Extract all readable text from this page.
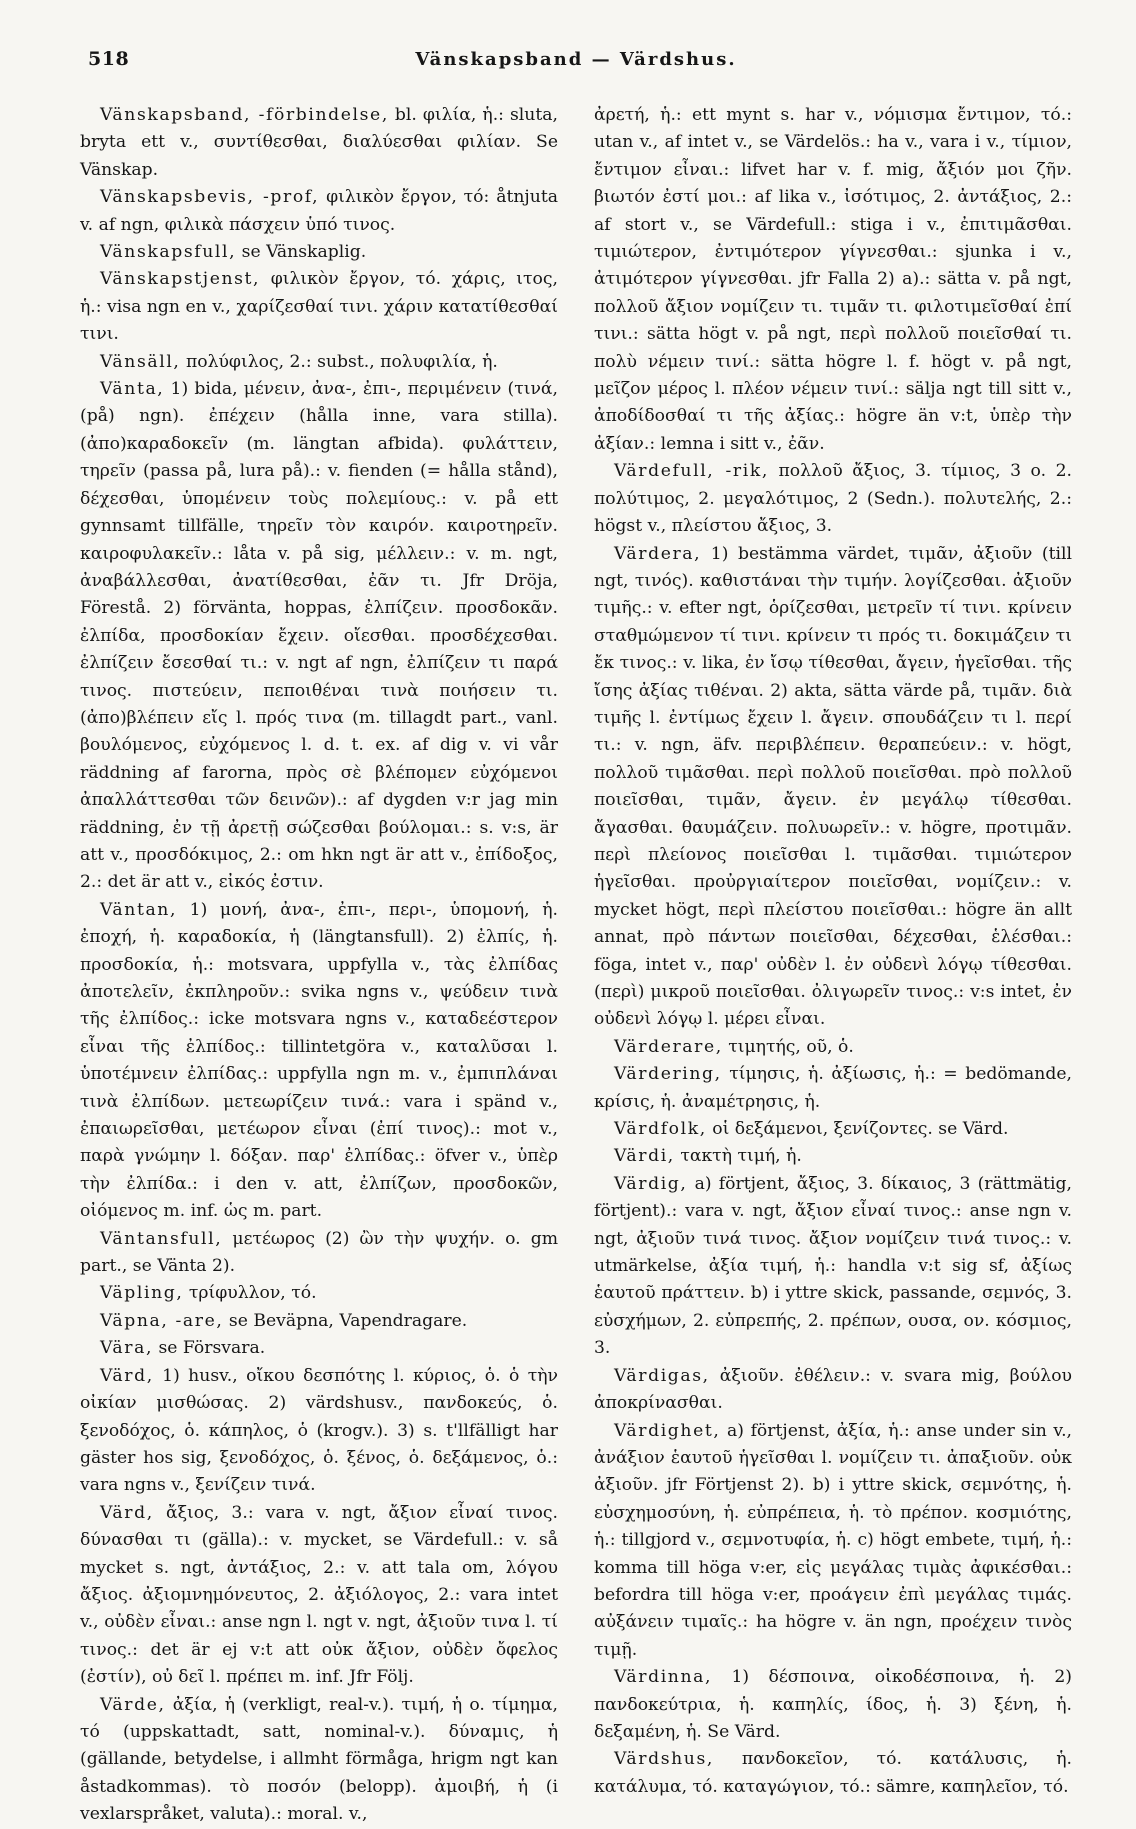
518	Vänskapsband — Värdshus.

Vänskapsband, -förbindelse, bl. φιλία, ἡ.: sluta, bryta ett v., συντίθεσθαι, διαλύεσθαι φιλίαν. Se Vänskap.

Vänskapsbevis, -prof, φιλικὸν ἔργον, τό: åtnjuta v. af ngn, φιλικὰ πάσχειν ὑπό τινος.

Vänskapsfull, se Vänskaplig.

Vänskapstjenst, φιλικὸν ἔργον, τό. χάρις, ιτος, ἡ.: visa ngn en v., χαρίζεσθαί τινι. χάριν κατατίθεσθαί τινι.

Vänsäll, πολύφιλος, 2.: subst., πολυφιλία, ἡ.

Vänta, 1) bida, μένειν, ἀνα-, ἐπι-, περιμένειν (τινά, (på) ngn). ἐπέχειν (hålla inne, vara stilla). (ἀπο)καραδοκεῖν (m. längtan afbida). φυλάττειν, τηρεῖν (passa på, lura på).: v. fienden (= hålla stånd), δέχεσθαι, ὑπομένειν τοὺς πολεμίους.: v. på ett gynnsamt tillfälle, τηρεῖν τὸν καιρόν. καιροτηρεῖν. καιροφυλακεῖν.: låta v. på sig, μέλλειν.: v. m. ngt, ἀναβάλλεσθαι, ἀνατίθεσθαι, ἐᾶν τι. Jfr Dröja, Förestå. 2) förvänta, hoppas, ἐλπίζειν. προσδοκᾶν. ἐλπίδα, προσδοκίαν ἔχειν. οἴεσθαι. προσδέχεσθαι. ἐλπίζειν ἔσεσθαί τι.: v. ngt af ngn, ἐλπίζειν τι παρά τινος. πιστεύειν, πεποιθέναι τινὰ ποιήσειν τι. (ἀπο)βλέπειν εἴς l. πρός τινα (m. tillagdt part., vanl. βουλόμενος, εὐχόμενος l. d. t. ex. af dig v. vi vår räddning af farorna, πρὸς σὲ βλέπομεν εὐχόμενοι ἀπαλλάττεσθαι τῶν δεινῶν).: af dygden v:r jag min räddning, ἐν τῇ ἀρετῇ σώζεσθαι βούλομαι.: s. v:s, är att v., προσδόκιμος, 2.: om hkn ngt är att v., ἐπίδοξος, 2.: det är att v., εἰκός ἐστιν.

Väntan, 1) μονή, ἀνα-, ἐπι-, περι-, ὑπομονή, ἡ. ἐποχή, ἡ. καραδοκία, ἡ (längtansfull). 2) ἐλπίς, ἡ. προσδοκία, ἡ.: motsvara, uppfylla v., τὰς ἐλπίδας ἀποτελεῖν, ἐκπληροῦν.: svika ngns v., ψεύδειν τινὰ τῆς ἐλπίδος.: icke motsvara ngns v., καταδεέστερον εἶναι τῆς ἐλπίδος.: tillintetgöra v., καταλῦσαι l. ὑποτέμνειν ἐλπίδας.: uppfylla ngn m. v., ἐμπιπλάναι τινὰ ἐλπίδων. μετεωρίζειν τινά.: vara i spänd v., ἐπαιωρεῖσθαι, μετέωρον εἶναι (ἐπί τινος).: mot v., παρὰ γνώμην l. δόξαν. παρ' ἐλπίδας.: öfver v., ὑπὲρ τὴν ἐλπίδα.: i den v. att, ἐλπίζων, προσδοκῶν, οἰόμενος m. inf. ὡς m. part.

Väntansfull, μετέωρος (2) ὢν τὴν ψυχήν. o. gm part., se Vänta 2).

Väpling, τρίφυλλον, τό.

Väpna, -are, se Beväpna, Vapendragare.

Vära, se Försvara.

Värd, 1) husv., οἴκου δεσπότης l. κύριος, ὁ. ὁ τὴν οἰκίαν μισθώσας. 2) värdshusv., πανδοκεύς, ὁ. ξενοδόχος, ὁ. κάπηλος, ὁ (krogv.). 3) s. t'llfälligt har gäster hos sig, ξενοδόχος, ὁ. ξένος, ὁ. δεξάμενος, ὁ.: vara ngns v., ξενίζειν τινά.

Värd, ἄξιος, 3.: vara v. ngt, ἄξιον εἶναί τινος. δύνασθαι τι (gälla).: v. mycket, se Värdefull.: v. så mycket s. ngt, ἀντάξιος, 2.: v. att tala om, λόγου ἄξιος. ἀξιομνημόνευτος, 2. ἀξιόλογος, 2.: vara intet v., οὐδὲν εἶναι.: anse ngn l. ngt v. ngt, ἀξιοῦν τινα l. τί τινος.: det är ej v:t att οὐκ ἄξιον, οὐδὲν ὄφελος (ἐστίν), οὐ δεῖ l. πρέπει m. inf. Jfr Följ.

Värde, ἀξία, ἡ (verkligt, real-v.). τιμή, ἡ o. τίμημα, τό (uppskattadt, satt, nominal-v.). δύναμις, ἡ (gällande, betydelse, i allmht förmåga, hrigm ngt kan åstadkommas). τὸ ποσόν (belopp). ἀμοιβή, ἡ (i vexlarspråket, valuta).: moral. v.,

ἀρετή, ἡ.: ett mynt s. har v., νόμισμα ἔντιμον, τό.: utan v., af intet v., se Värdelös.: ha v., vara i v., τίμιον, ἔντιμον εἶναι.: lifvet har v. f. mig, ἄξιόν μοι ζῆν. βιωτόν ἐστί μοι.: af lika v., ἰσότιμος, 2. ἀντάξιος, 2.: af stort v., se Värdefull.: stiga i v., ἐπιτιμᾶσθαι. τιμιώτερον, ἐντιμότερον γίγνεσθαι.: sjunka i v., ἀτιμότερον γίγνεσθαι. jfr Falla 2) a).: sätta v. på ngt, πολλοῦ ἄξιον νομίζειν τι. τιμᾶν τι. φιλοτιμεῖσθαί ἐπί τινι.: sätta högt v. på ngt, περὶ πολλοῦ ποιεῖσθαί τι. πολὺ νέμειν τινί.: sätta högre l. f. högt v. på ngt, μεῖζον μέρος l. πλέον νέμειν τινί.: sälja ngt till sitt v., ἀποδίδοσθαί τι τῆς ἀξίας.: högre än v:t, ὑπὲρ τὴν ἀξίαν.: lemna i sitt v., ἐᾶν.

Värdefull, -rik, πολλοῦ ἄξιος, 3. τίμιος, 3 o. 2. πολύτιμος, 2. μεγαλότιμος, 2 (Sedn.). πολυτελής, 2.: högst v., πλείστου ἄξιος, 3.

Värdera, 1) bestämma värdet, τιμᾶν, ἀξιοῦν (till ngt, τινός). καθιστάναι τὴν τιμήν. λογίζεσθαι. ἀξιοῦν τιμῆς.: v. efter ngt, ὁρίζεσθαι, μετρεῖν τί τινι. κρίνειν σταθμώμενον τί τινι. κρίνειν τι πρός τι. δοκιμάζειν τι ἔκ τινος.: v. lika, ἐν ἴσῳ τίθεσθαι, ἄγειν, ἡγεῖσθαι. τῆς ἴσης ἀξίας τιθέναι. 2) akta, sätta värde på, τιμᾶν. διὰ τιμῆς l. ἐντίμως ἔχειν l. ἄγειν. σπουδάζειν τι l. περί τι.: v. ngn, äfv. περιβλέπειν. θεραπεύειν.: v. högt, πολλοῦ τιμᾶσθαι. περὶ πολλοῦ ποιεῖσθαι. πρὸ πολλοῦ ποιεῖσθαι, τιμᾶν, ἄγειν. ἐν μεγάλῳ τίθεσθαι. ἄγασθαι. θαυμάζειν. πολυωρεῖν.: v. högre, προτιμᾶν. περὶ πλείονος ποιεῖσθαι l. τιμᾶσθαι. τιμιώτερον ἡγεῖσθαι. προὐργιαίτερον ποιεῖσθαι, νομίζειν.: v. mycket högt, περὶ πλείστου ποιεῖσθαι.: högre än allt annat, πρὸ πάντων ποιεῖσθαι, δέχεσθαι, ἑλέσθαι.: föga, intet v., παρ' οὐδὲν l. ἐν οὐδενὶ λόγῳ τίθεσθαι. (περὶ) μικροῦ ποιεῖσθαι. ὀλιγωρεῖν τινος.: v:s intet, ἐν οὐδενὶ λόγῳ l. μέρει εἶναι.

Värderare, τιμητής, οῦ, ὁ.

Värdering, τίμησις, ἡ. ἀξίωσις, ἡ.: = bedömande, κρίσις, ἡ. ἀναμέτρησις, ἡ.

Värdfolk, οἱ δεξάμενοι, ξενίζοντες. se Värd.

Värdi, τακτὴ τιμή, ἡ.

Värdig, a) förtjent, ἄξιος, 3. δίκαιος, 3 (rättmätig, förtjent).: vara v. ngt, ἄξιον εἶναί τινος.: anse ngn v. ngt, ἀξιοῦν τινά τινος. ἄξιον νομίζειν τινά τινος.: v. utmärkelse, ἀξία τιμή, ἡ.: handla v:t sig sf, ἀξίως ἑαυτοῦ πράττειν. b) i yttre skick, passande, σεμνός, 3. εὐσχήμων, 2. εὐπρεπής, 2. πρέπων, ουσα, ον. κόσμιος, 3.

Värdigas, ἀξιοῦν. ἐθέλειν.: v. svara mig, βούλου ἀποκρίνασθαι.

Värdighet, a) förtjenst, ἀξία, ἡ.: anse under sin v., ἀνάξιον ἑαυτοῦ ἡγεῖσθαι l. νομίζειν τι. ἀπαξιοῦν. οὐκ ἀξιοῦν. jfr Förtjenst 2). b) i yttre skick, σεμνότης, ἡ. εὐσχημοσύνη, ἡ. εὐπρέπεια, ἡ. τὸ πρέπον. κοσμιότης, ἡ.: tillgjord v., σεμνοτυφία, ἡ. c) högt embete, τιμή, ἡ.: komma till höga v:er, εἰς μεγάλας τιμὰς ἀφικέσθαι.: befordra till höga v:er, προάγειν ἐπὶ μεγάλας τιμάς. αὐξάνειν τιμαῖς.: ha högre v. än ngn, προέχειν τινὸς τιμῇ.

Värdinna, 1) δέσποινα, οἰκοδέσποινα, ἡ. 2) πανδοκεύτρια, ἡ. καπηλίς, ίδος, ἡ. 3) ξένη, ἡ. δεξαμένη, ἡ. Se Värd.

Värdshus, πανδοκεῖον, τό. κατάλυσις, ἡ. κατάλυμα, τό. καταγώγιον, τό.: sämre, καπηλεῖον, τό.
